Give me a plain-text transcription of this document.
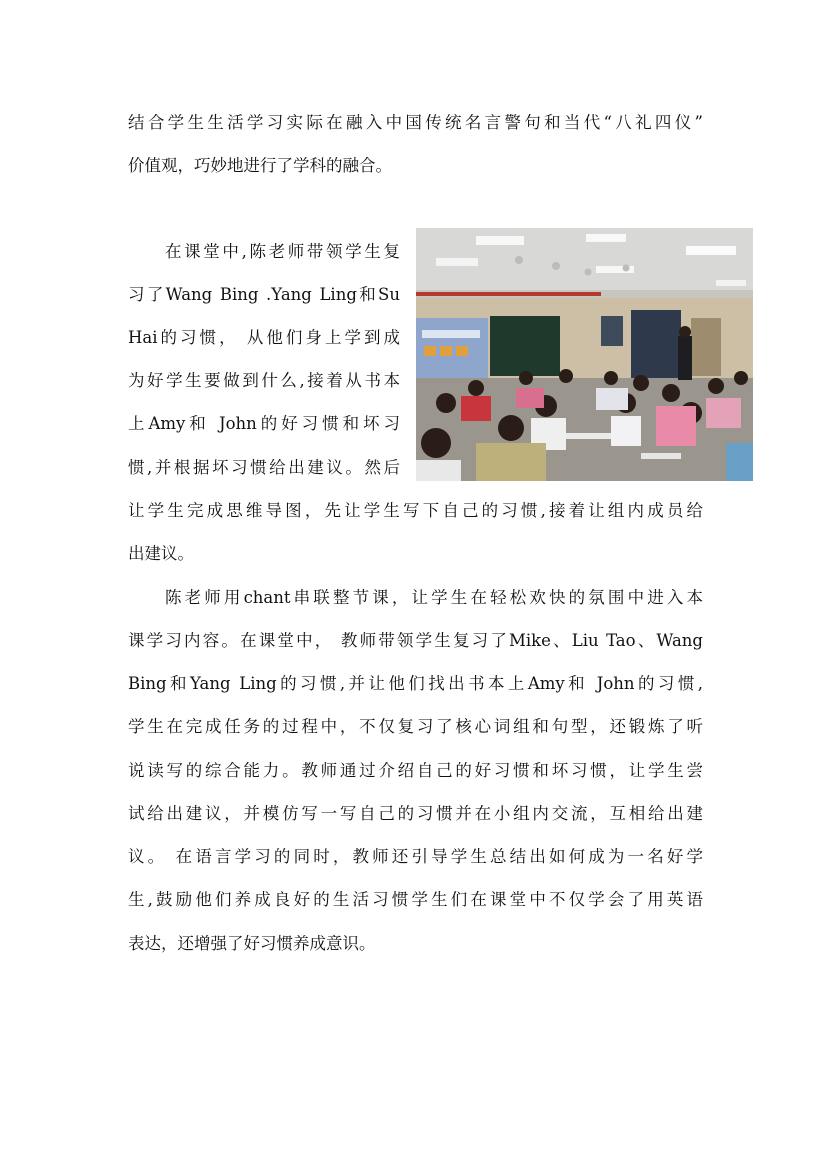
结合学生生活学习实际在融入中国传统名言警句和当代“八礼四仪”
价值观，巧妙地进行了学科的融合。
在课堂中,陈老师带领学生复
习了Wang Bing .Yang Ling和Su
Hai的习惯， 从他们身上学到成
为好学生要做到什么,接着从书本
上Amy和 John的好习惯和坏习
惯,并根据坏习惯给出建议。然后
让学生完成思维导图，先让学生写下自己的习惯,接着让组内成员给
出建议。
陈老师用chant串联整节课，让学生在轻松欢快的氛围中进入本
课学习内容。在课堂中， 教师带领学生复习了Mike、Liu Tao、Wang
Bing和Yang Ling的习惯,并让他们找出书本上Amy和 John的习惯,
学生在完成任务的过程中，不仅复习了核心词组和句型，还锻炼了听
说读写的综合能力。教师通过介绍自己的好习惯和坏习惯，让学生尝
试给出建议，并模仿写一写自己的习惯并在小组内交流，互相给出建
议。 在语言学习的同时，教师还引导学生总结出如何成为一名好学
生,鼓励他们养成良好的生活习惯学生们在课堂中不仅学会了用英语
表达，还增强了好习惯养成意识。
